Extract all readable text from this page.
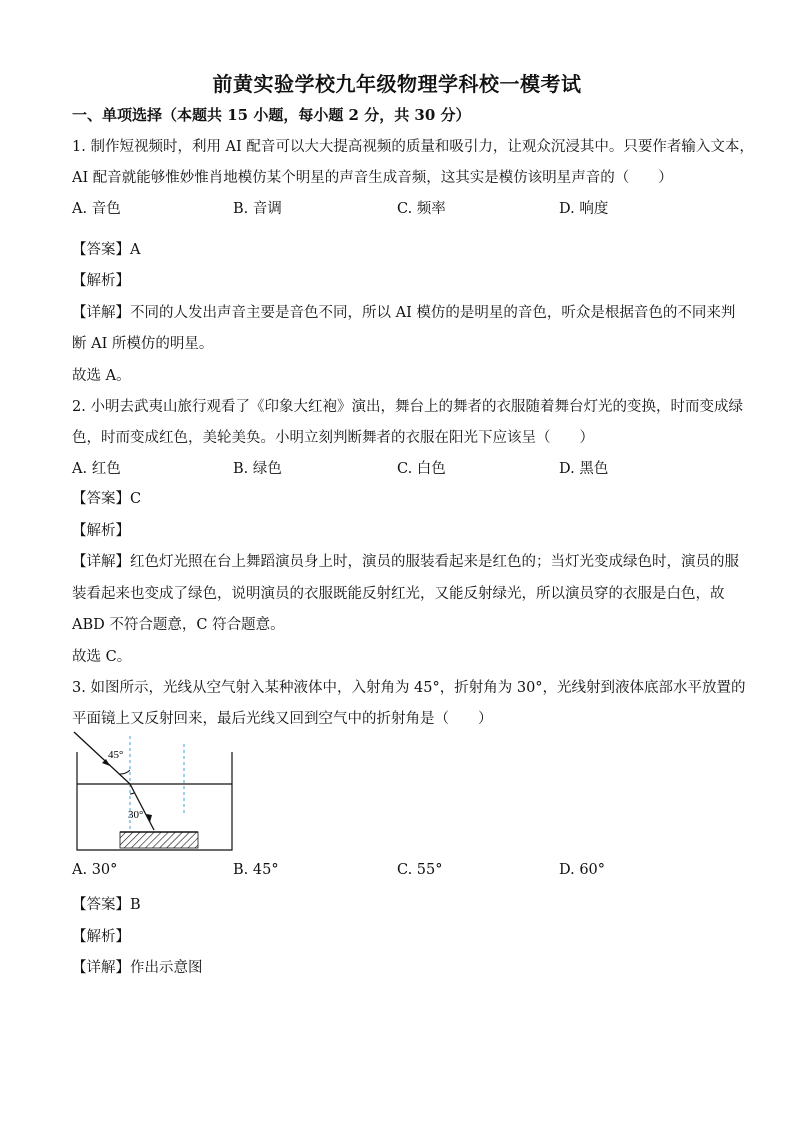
前黄实验学校九年级物理学科校一模考试
一、单项选择（本题共 15 小题，每小题 2 分，共 30 分）
1. 制作短视频时，利用 AI 配音可以大大提高视频的质量和吸引力，让观众沉浸其中。只要作者输入文本，
AI 配音就能够惟妙惟肖地模仿某个明星的声音生成音频，这其实是模仿该明星声音的（　　）
A. 音色	B. 音调	C. 频率	D. 响度
【答案】A
【解析】
【详解】不同的人发出声音主要是音色不同，所以 AI 模仿的是明星的音色，听众是根据音色的不同来判
断 AI 所模仿的明星。
故选 A。
2. 小明去武夷山旅行观看了《印象大红袍》演出，舞台上的舞者的衣服随着舞台灯光的变换，时而变成绿
色，时而变成红色，美轮美奂。小明立刻判断舞者的衣服在阳光下应该呈（　　）
A. 红色	B. 绿色	C. 白色	D. 黑色
【答案】C
【解析】
【详解】红色灯光照在台上舞蹈演员身上时，演员的服装看起来是红色的；当灯光变成绿色时，演员的服
装看起来也变成了绿色，说明演员的衣服既能反射红光，又能反射绿光，所以演员穿的衣服是白色，故
ABD 不符合题意，C 符合题意。
故选 C。
3. 如图所示，光线从空气射入某种液体中，入射角为 45°，折射角为 30°，光线射到液体底部水平放置的
平面镜上又反射回来，最后光线又回到空气中的折射角是（　　）
45°
30°
A. 30°	B. 45°	C. 55°	D. 60°
【答案】B
【解析】
【详解】作出示意图
